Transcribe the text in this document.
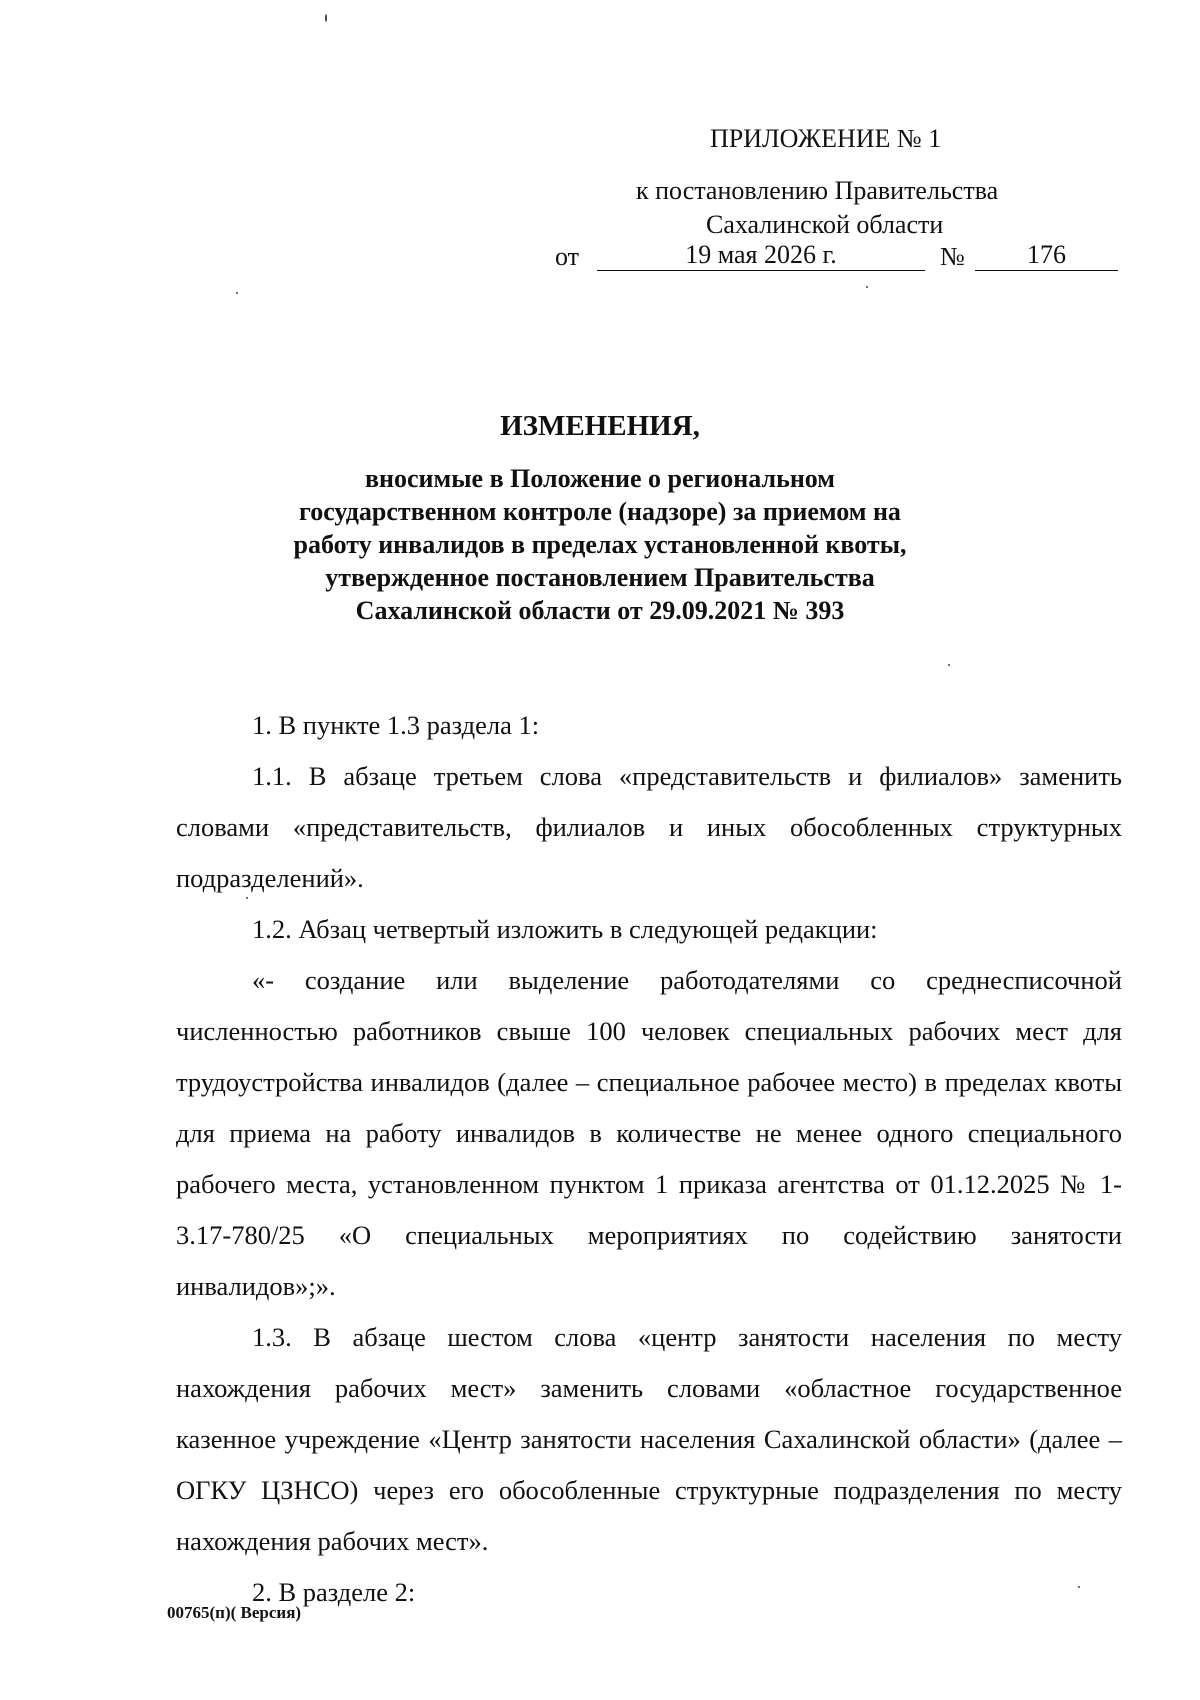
ПРИЛОЖЕНИЕ № 1
к постановлению Правительства
Сахалинской области
от	19 мая 2026 г.	№	176
ИЗМЕНЕНИЯ,
вносимые в Положение о региональном
государственном контроле (надзоре) за приемом на
работу инвалидов в пределах установленной квоты,
утвержденное постановлением Правительства
Сахалинской области от 29.09.2021 № 393

1. В пункте 1.3 раздела 1:

1.1. В абзаце третьем слова «представительств и филиалов» заменить словами «представительств, филиалов и иных обособленных структурных подразделений».

1.2. Абзац четвертый изложить в следующей редакции:

«- создание или выделение работодателями со среднесписочной численностью работников свыше 100 человек специальных рабочих мест для трудоустройства инвалидов (далее – специальное рабочее место) в пределах квоты для приема на работу инвалидов в количестве не менее одного специального рабочего места, установленном пунктом 1 приказа агентства от 01.12.2025 № 1-3.17-780/25 «О специальных мероприятиях по содействию занятости инвалидов»;».

1.3. В абзаце шестом слова «центр занятости населения по месту нахождения рабочих мест» заменить словами «областное государственное казенное учреждение «Центр занятости населения Сахалинской области» (далее – ОГКУ ЦЗНСО) через его обособленные структурные подразделения по месту нахождения рабочих мест».

2. В разделе 2:

00765(п)( Версия)
